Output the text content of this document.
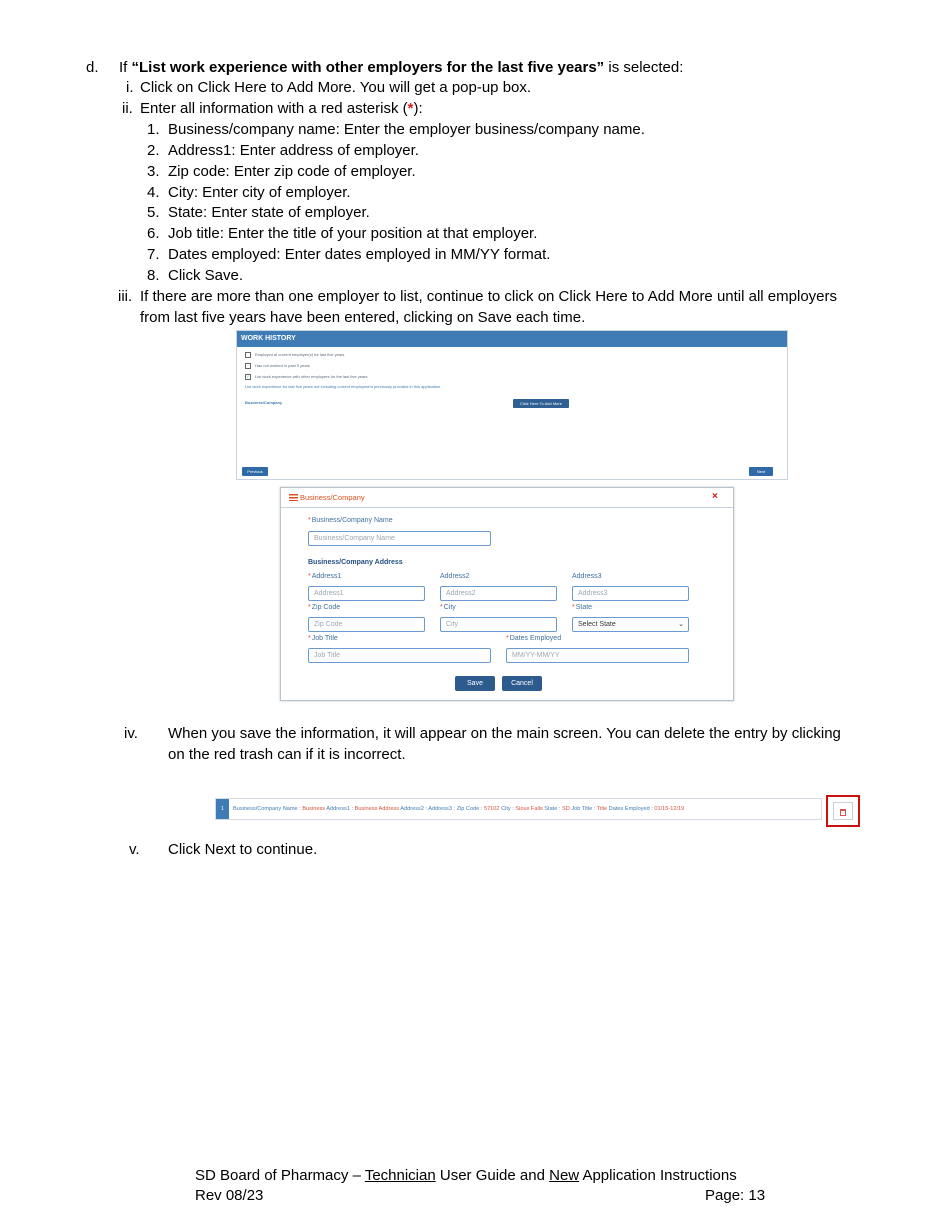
d. If “List work experience with other employers for the last five years” is selected:
i. Click on Click Here to Add More. You will get a pop-up box.
ii. Enter all information with a red asterisk (*):
1. Business/company name: Enter the employer business/company name.
2. Address1: Enter address of employer.
3. Zip code: Enter zip code of employer.
4. City: Enter city of employer.
5. State: Enter state of employer.
6. Job title: Enter the title of your position at that employer.
7. Dates employed: Enter dates employed in MM/YY format.
8. Click Save.
iii. If there are more than one employer to list, continue to click on Click Here to Add More until all employers
from last five years have been entered, clicking on Save each time.
WORK HISTORY
Employed at current employer(s) for last five years
Has not worked in past 5 years
✓ List work experience with other employers for the last five years
List work experience for last five years not including current employment previously provided in this application.
Business/Company	Click Here To Add More
Previous	Next
Business/Company	×
*Business/Company Name
Business/Company Name
Business/Company Address
*Address1	Address2	Address3
Address1	Address2	Address3
*Zip Code	*City	*State
Zip Code	City	Select State	⌄
*Job Title	*Dates Employed
Job Title	MM/YY-MM/YY
Save	Cancel
iv. When you save the information, it will appear on the main screen. You can delete the entry by clicking
on the red trash can if it is incorrect.
1	Business/Company Name : Business Address1 : Business Address Address2 : Address3 : Zip Code : 57102 City : Sioux Falls State : SD Job Title : Title Dates Employed : 01/15-12/19
v. Click Next to continue.
SD Board of Pharmacy – Technician User Guide and New Application Instructions
Rev 08/23	Page: 13
